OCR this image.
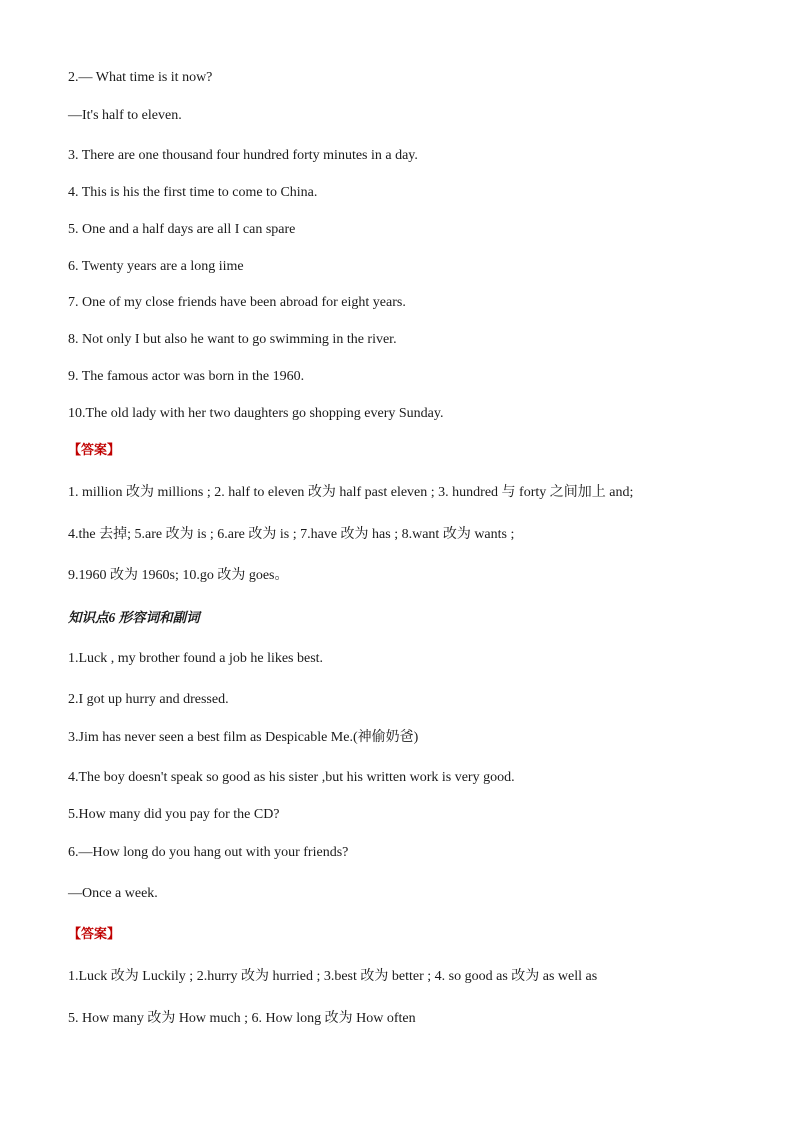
2.— What time is it now?
—It's half to eleven.
3. There are one thousand four hundred forty minutes in a day.
4. This is his the first time to come to China.
5. One and a half days are all I can spare
6. Twenty years are a long iime
7. One of my close friends have been abroad for eight years.
8. Not only I but also he want to go swimming in the river.
9. The famous actor was born in the 1960.
10.The old lady with her two daughters go shopping every Sunday.
【答案】
1. million 改为 millions ; 2. half to eleven 改为 half past eleven ; 3. hundred 与 forty 之间加上 and;
4.the 去掉; 5.are 改为 is ; 6.are 改为 is ; 7.have 改为 has ; 8.want 改为 wants ;
9.1960 改为 1960s; 10.go 改为 goes。
知识点6 形容词和副词
1.Luck , my brother found a job he likes best.
2.I got up hurry and dressed.
3.Jim has never seen a best film as Despicable Me.(神偷奶爸)
4.The boy doesn't speak so good as his sister ,but his written work is very good.
5.How many did you pay for the CD?
6.—How long do you hang out with your friends?
—Once a week.
【答案】
1.Luck 改为 Luckily ; 2.hurry 改为 hurried ; 3.best 改为 better ; 4. so good as 改为 as well as
5. How many 改为 How much ; 6. How long 改为 How often
